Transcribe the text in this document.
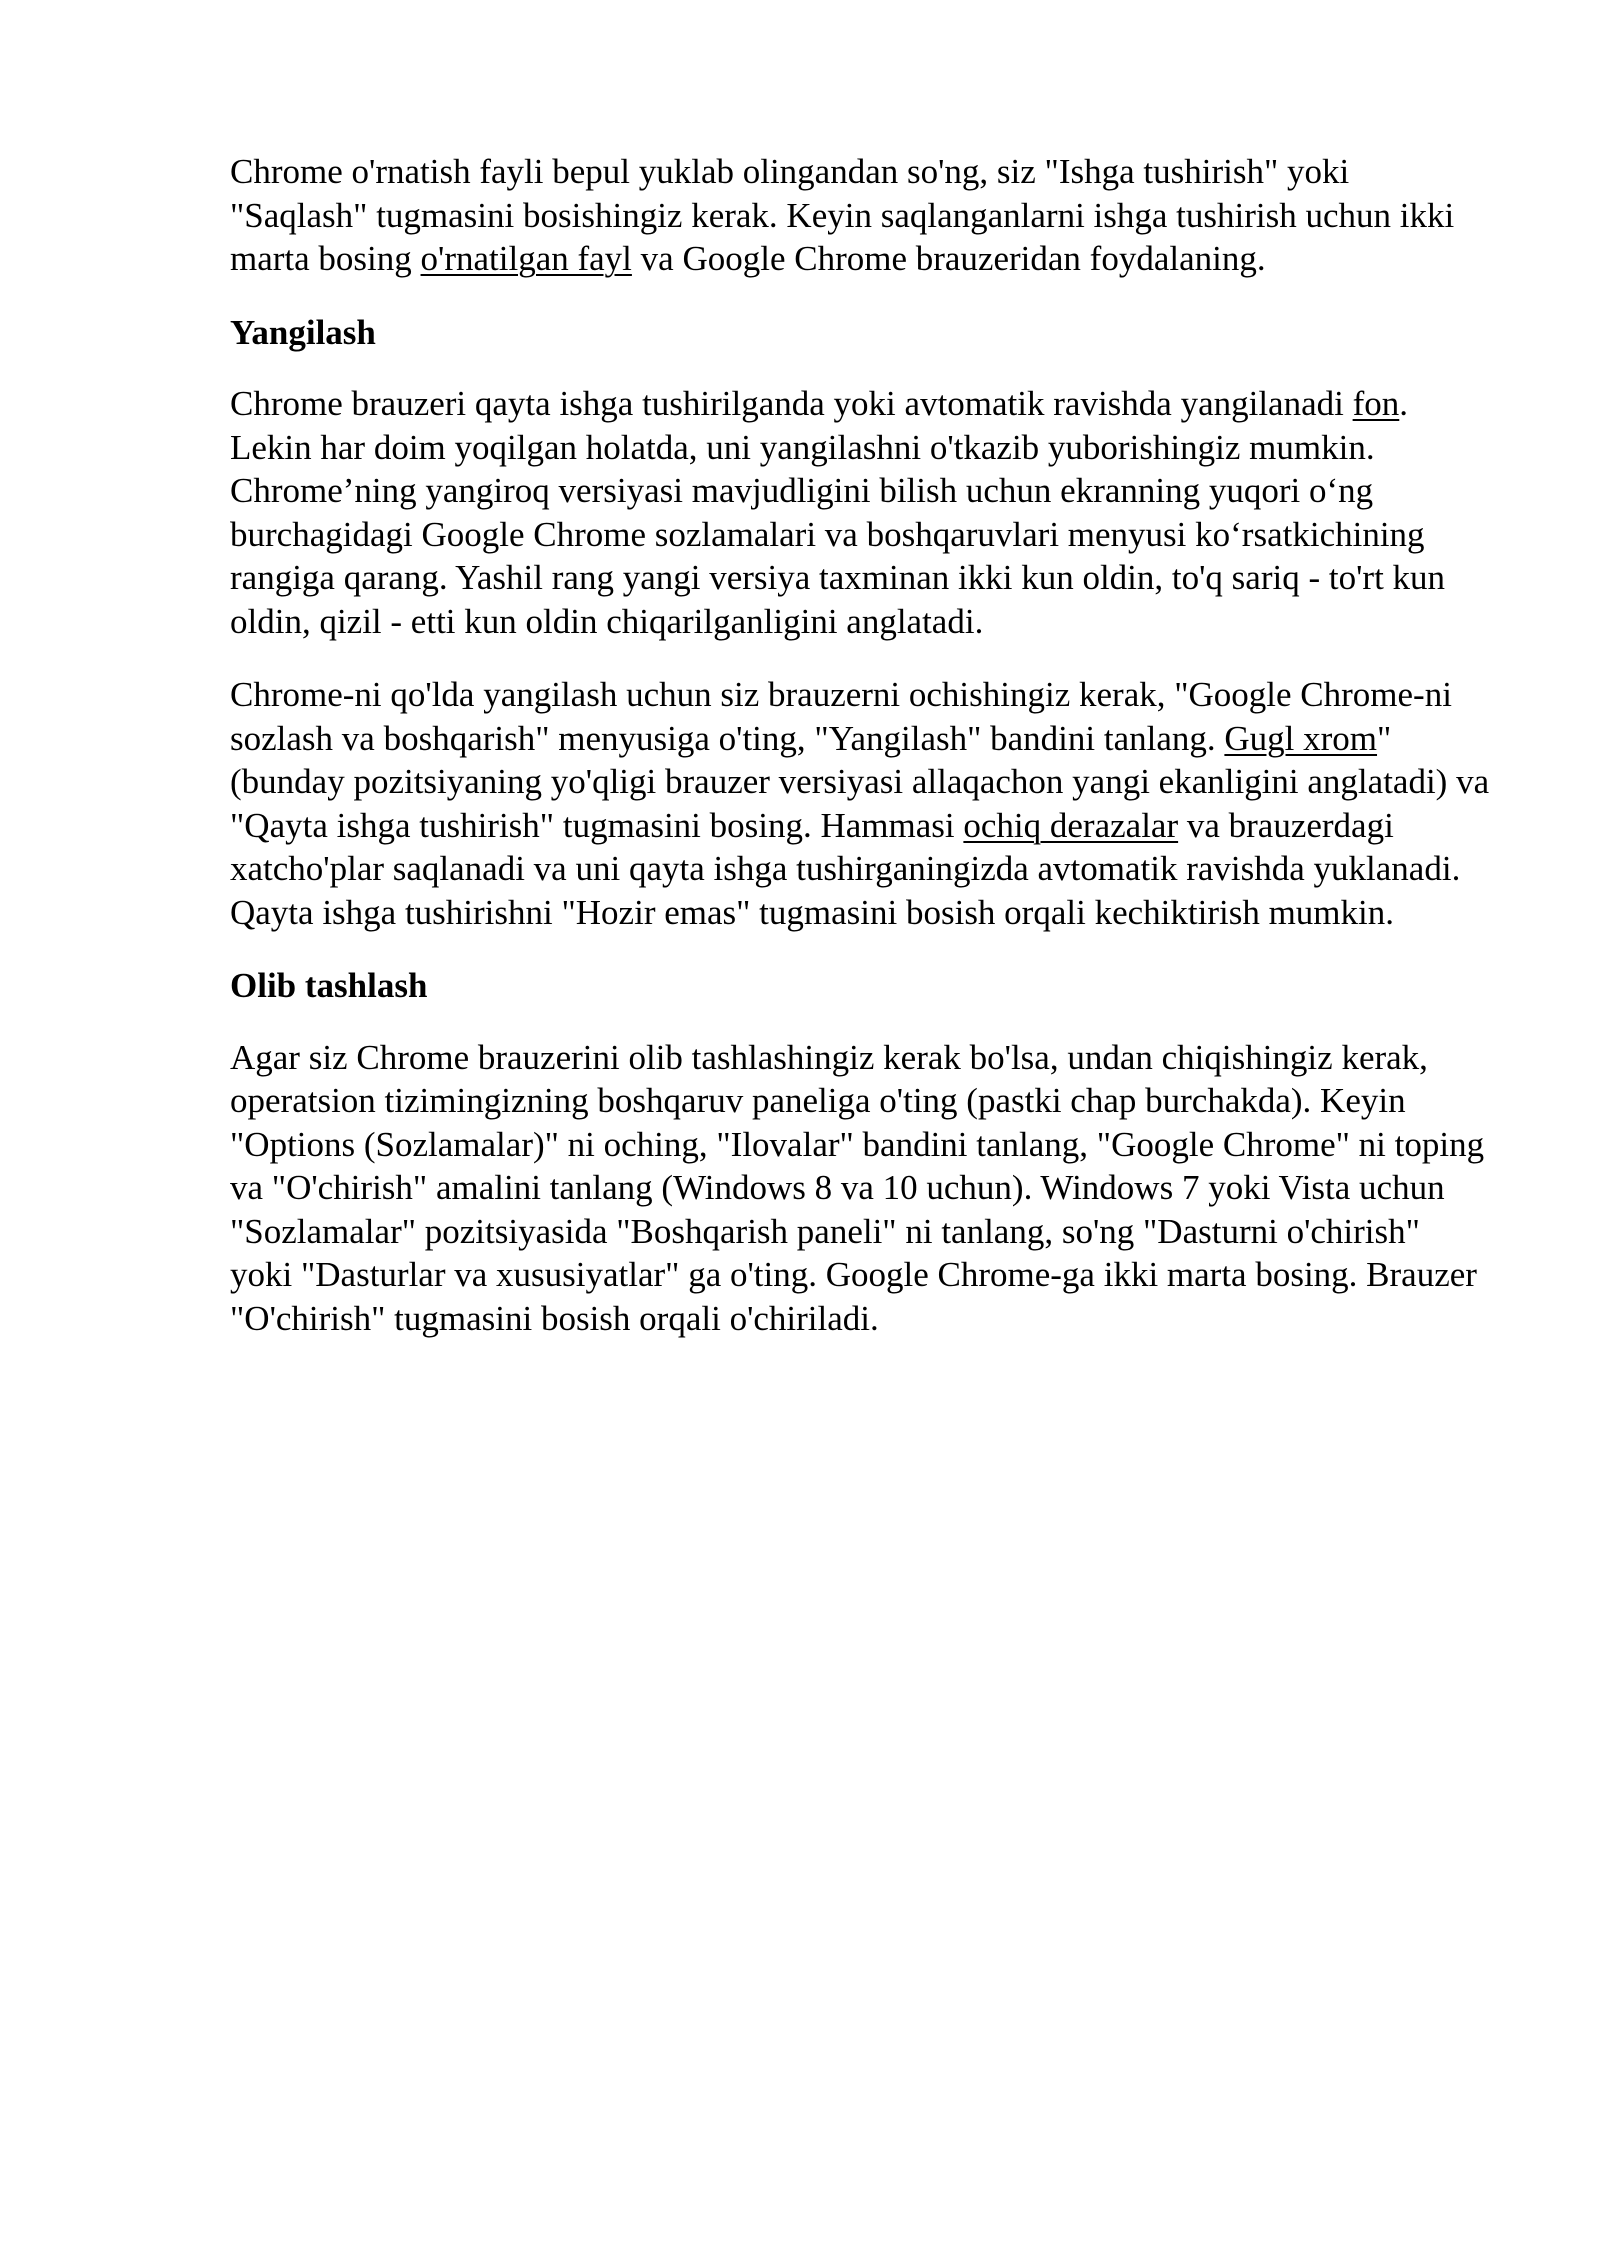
Chrome o'rnatish fayli bepul yuklab olingandan so'ng, siz "Ishga tushirish" yoki "Saqlash" tugmasini bosishingiz kerak. Keyin saqlanganlarni ishga tushirish uchun ikki marta bosing o'rnatilgan fayl va Google Chrome brauzeridan foydalaning.

Yangilash

Chrome brauzeri qayta ishga tushirilganda yoki avtomatik ravishda yangilanadi fon. Lekin har doim yoqilgan holatda, uni yangilashni o'tkazib yuborishingiz mumkin. Chrome’ning yangiroq versiyasi mavjudligini bilish uchun ekranning yuqori o‘ng burchagidagi Google Chrome sozlamalari va boshqaruvlari menyusi ko‘rsatkichining rangiga qarang. Yashil rang yangi versiya taxminan ikki kun oldin, to'q sariq - to'rt kun oldin, qizil - etti kun oldin chiqarilganligini anglatadi.

Chrome-ni qo'lda yangilash uchun siz brauzerni ochishingiz kerak, "Google Chrome-ni sozlash va boshqarish" menyusiga o'ting, "Yangilash" bandini tanlang. Gugl xrom" (bunday pozitsiyaning yo'qligi brauzer versiyasi allaqachon yangi ekanligini anglatadi) va "Qayta ishga tushirish" tugmasini bosing. Hammasi ochiq derazalar va brauzerdagi xatcho'plar saqlanadi va uni qayta ishga tushirganingizda avtomatik ravishda yuklanadi. Qayta ishga tushirishni "Hozir emas" tugmasini bosish orqali kechiktirish mumkin.

Olib tashlash

Agar siz Chrome brauzerini olib tashlashingiz kerak bo'lsa, undan chiqishingiz kerak, operatsion tizimingizning boshqaruv paneliga o'ting (pastki chap burchakda). Keyin "Options (Sozlamalar)" ni oching, "Ilovalar" bandini tanlang, "Google Chrome" ni toping va "O'chirish" amalini tanlang (Windows 8 va 10 uchun). Windows 7 yoki Vista uchun "Sozlamalar" pozitsiyasida "Boshqarish paneli" ni tanlang, so'ng "Dasturni o'chirish" yoki "Dasturlar va xususiyatlar" ga o'ting. Google Chrome-ga ikki marta bosing. Brauzer "O'chirish" tugmasini bosish orqali o'chiriladi.
